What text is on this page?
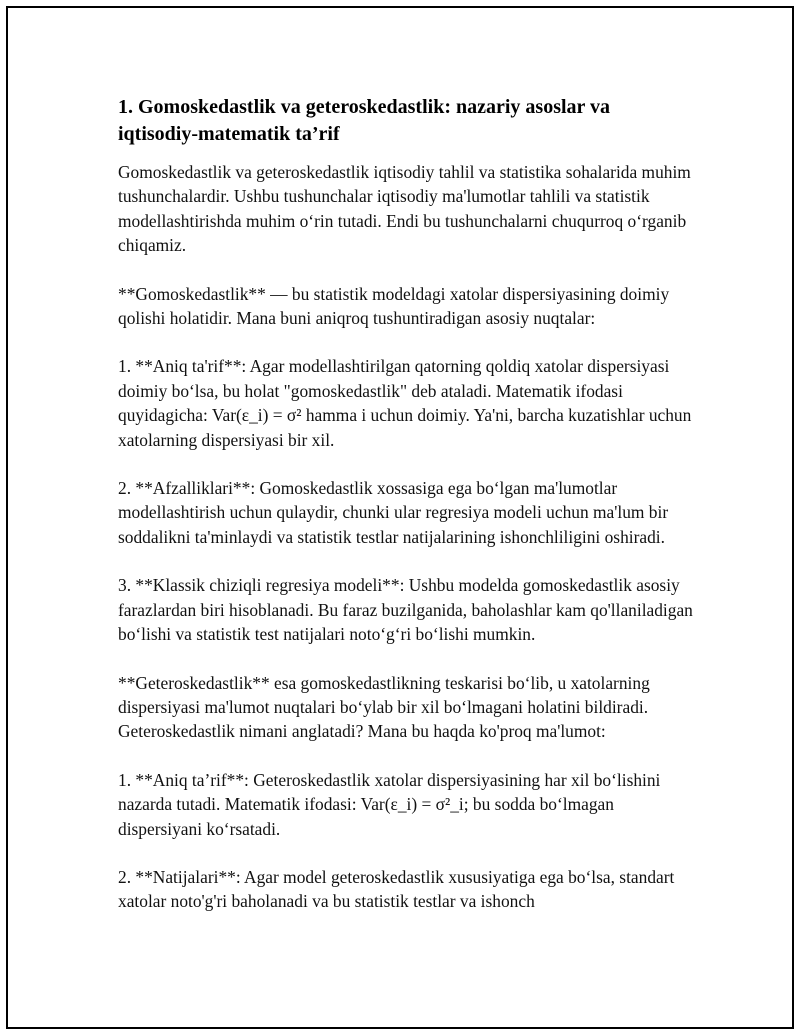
1. Gomoskedastlik va geteroskedastlik: nazariy asoslar va iqtisodiy-matematik ta’rif

Gomoskedastlik va geteroskedastlik iqtisodiy tahlil va statistika sohalarida muhim tushunchalardir. Ushbu tushunchalar iqtisodiy ma'lumotlar tahlili va statistik modellashtirishda muhim o‘rin tutadi. Endi bu tushunchalarni chuqurroq o‘rganib chiqamiz.

**Gomoskedastlik** — bu statistik modeldagi xatolar dispersiyasining doimiy qolishi holatidir. Mana buni aniqroq tushuntiradigan asosiy nuqtalar:

1. **Aniq ta'rif**: Agar modellashtirilgan qatorning qoldiq xatolar dispersiyasi doimiy bo‘lsa, bu holat "gomoskedastlik" deb ataladi. Matematik ifodasi quyidagicha: Var(ε_i) = σ² hamma i uchun doimiy. Ya'ni, barcha kuzatishlar uchun xatolarning dispersiyasi bir xil.

2. **Afzalliklari**: Gomoskedastlik xossasiga ega bo‘lgan ma'lumotlar modellashtirish uchun qulaydir, chunki ular regresiya modeli uchun ma'lum bir soddalikni ta'minlaydi va statistik testlar natijalarining ishonchliligini oshiradi.

3. **Klassik chiziqli regresiya modeli**: Ushbu modelda gomoskedastlik asosiy farazlardan biri hisoblanadi. Bu faraz buzilganida, baholashlar kam qo'llaniladigan bo‘lishi va statistik test natijalari noto‘g‘ri bo‘lishi mumkin.

**Geteroskedastlik** esa gomoskedastlikning teskarisi bo‘lib, u xatolarning dispersiyasi ma'lumot nuqtalari bo‘ylab bir xil bo‘lmagani holatini bildiradi. Geteroskedastlik nimani anglatadi? Mana bu haqda ko'proq ma'lumot:

1. **Aniq ta’rif**: Geteroskedastlik xatolar dispersiyasining har xil bo‘lishini nazarda tutadi. Matematik ifodasi: Var(ε_i) = σ²_i; bu sodda bo‘lmagan dispersiyani ko‘rsatadi.

2. **Natijalari**: Agar model geteroskedastlik xususiyatiga ega bo‘lsa, standart xatolar noto'g'ri baholanadi va bu statistik testlar va ishonch
